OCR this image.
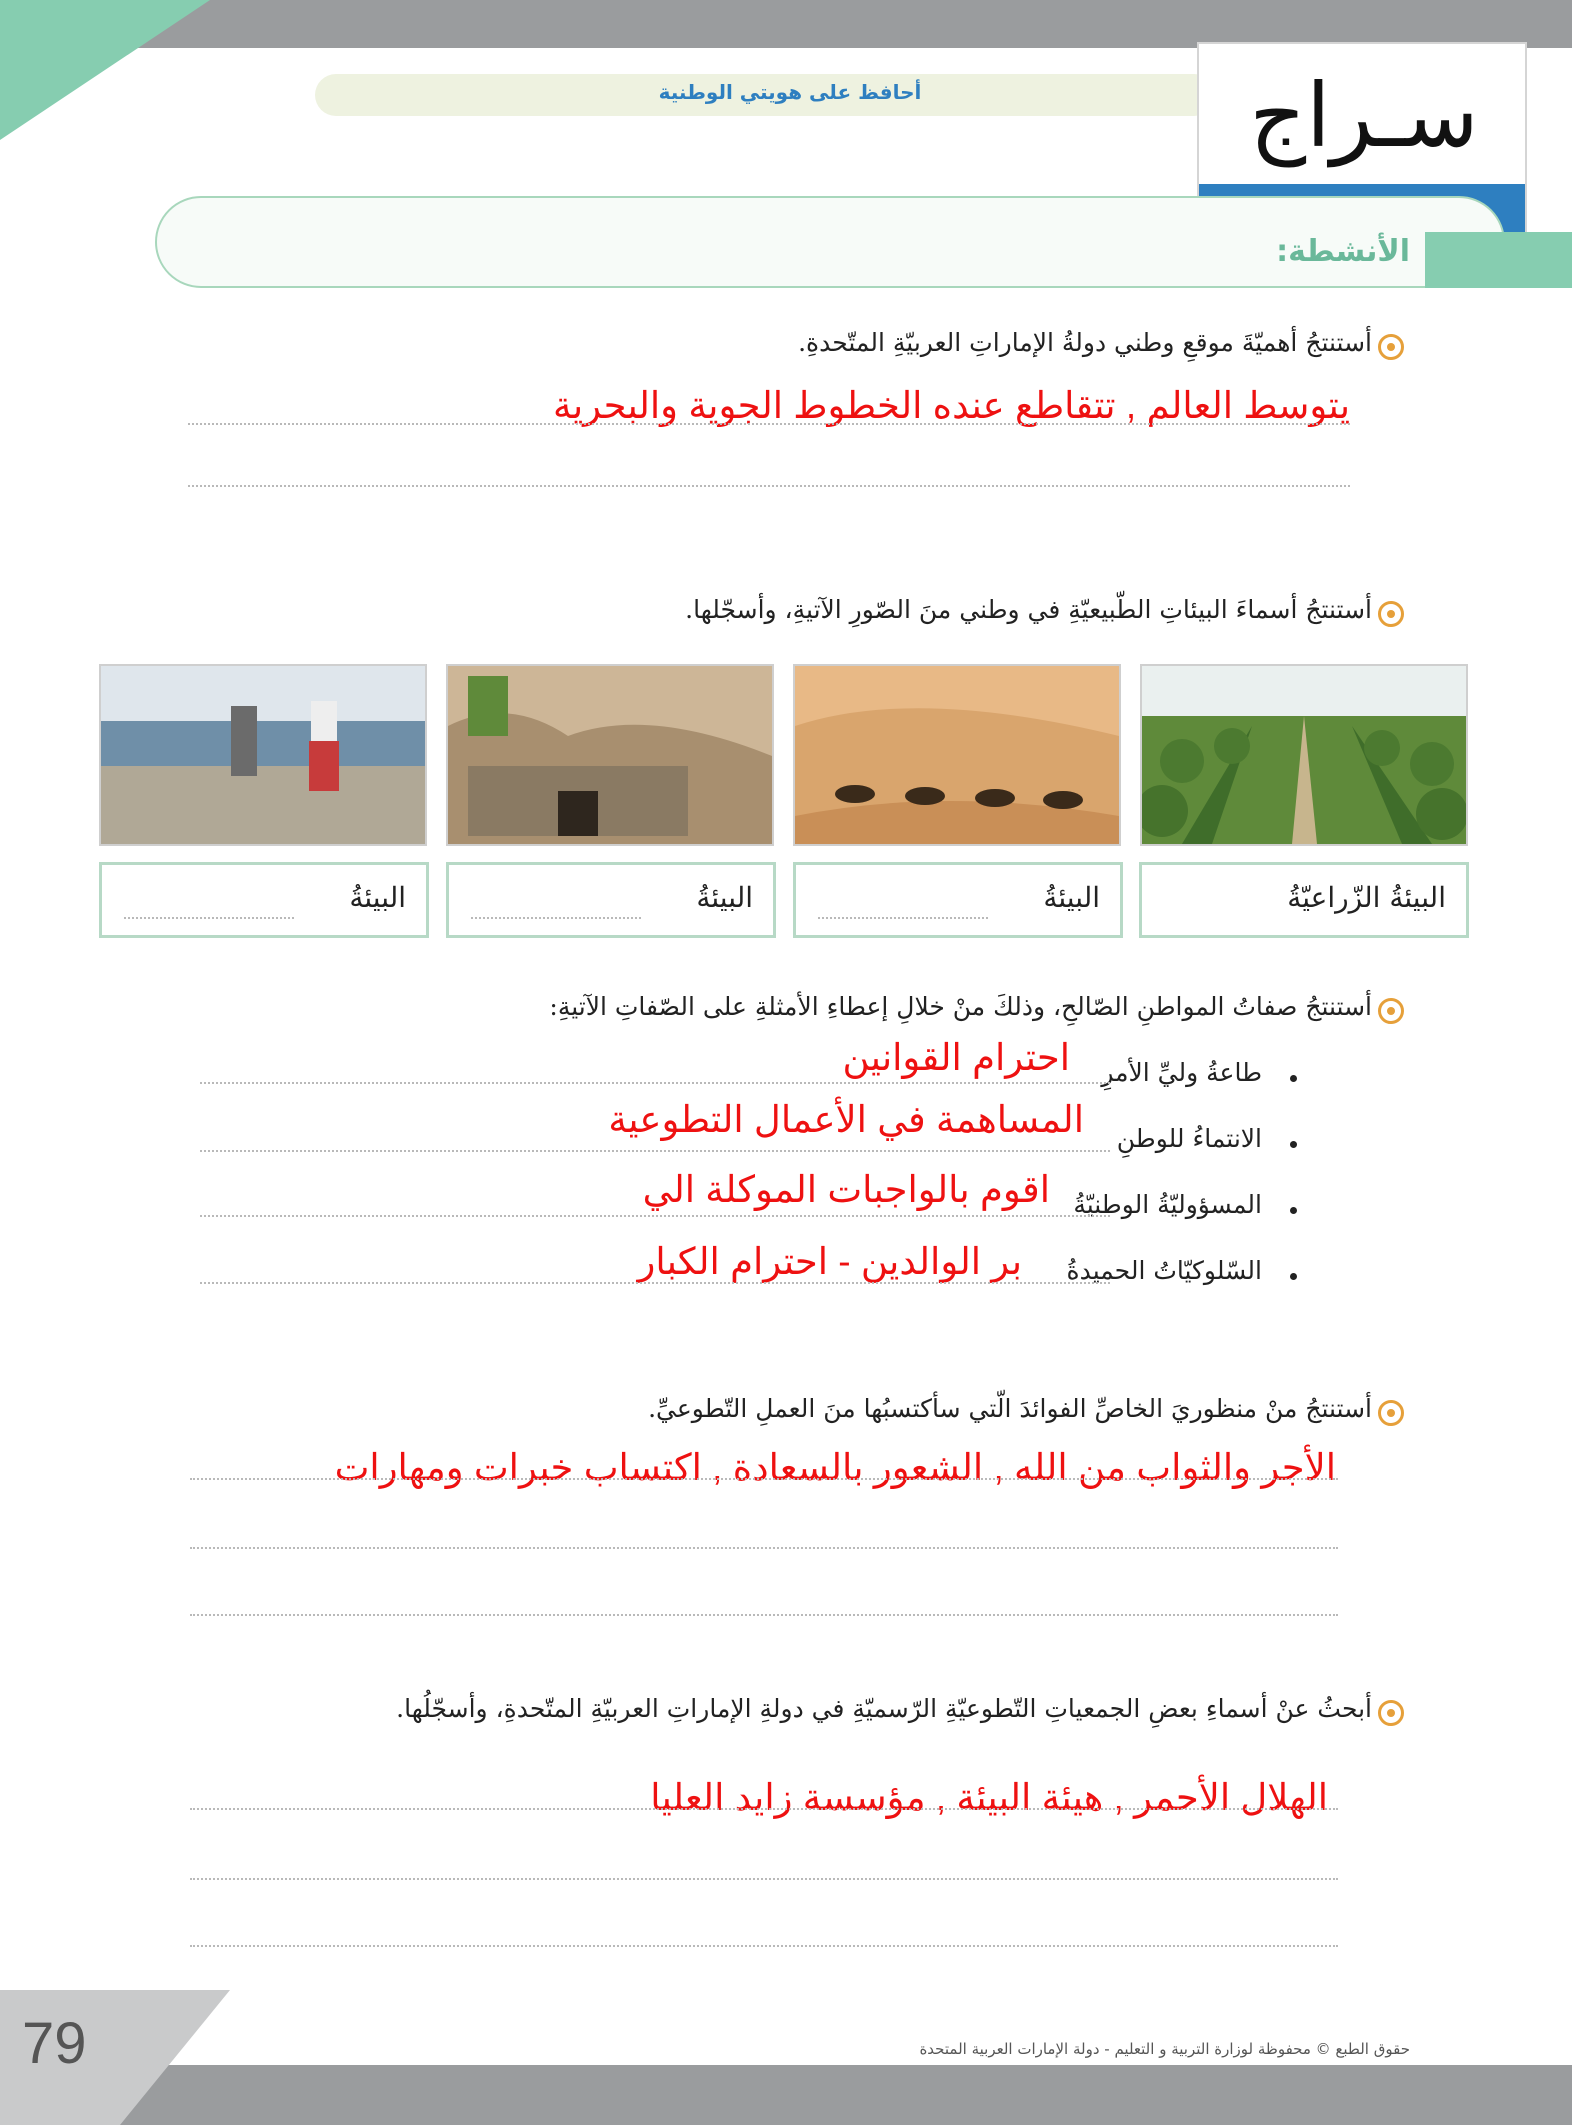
أحافظ على هويتي الوطنية	سـراج
الأنشطة:
أستنتجُ أهميّةَ موقعِ وطني دولةُ الإماراتِ العربيّةِ المتّحدةِ.
يتوسط العالم , تتقاطع عنده الخطوط الجوية والبحرية
أستنتجُ أسماءَ البيئاتِ الطّبيعيّةِ في وطني منَ الصّورِ الآتيةِ، وأسجّلها.
البيئةُ الزّراعيّةُ
البيئةُ
البيئةُ
البيئةُ
أستنتجُ صفاتُ المواطنِ الصّالحِ، وذلكَ منْ خلالِ إعطاءِ الأمثلةِ على الصّفاتِ الآتيةِ:
طاعةُ وليِّ الأمرِ
احترام القوانين
الانتماءُ للوطنِ
المساهمة في الأعمال التطوعية
المسؤوليّةُ الوطنيّةُ
اقوم بالواجبات الموكلة الي
السّلوكيّاتُ الحميدةُ
بر الوالدين - احترام الكبار
أستنتجُ منْ منظوريَ الخاصِّ الفوائدَ الّتي سأكتسبُها منَ العملِ التّطوعيِّ.
الأجر والثواب من الله , الشعور بالسعادة , اكتساب خبرات ومهارات
أبحثُ عنْ أسماءِ بعضِ الجمعياتِ التّطوعيّةِ الرّسميّةِ في دولةِ الإماراتِ العربيّةِ المتّحدةِ، وأسجّلُها.
الهلال الأحمر , هيئة البيئة , مؤسسة زايد العليا
79	حقوق الطبع © محفوظة لوزارة التربية و التعليم - دولة الإمارات العربية المتحدة
